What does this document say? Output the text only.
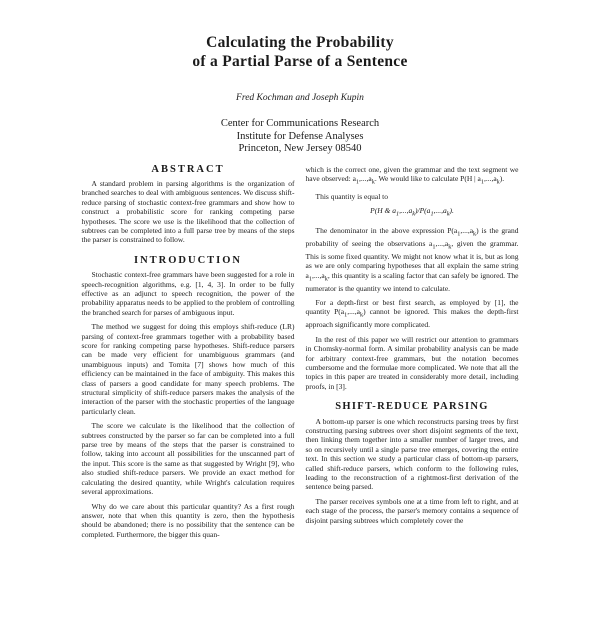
Calculating the Probability
of a Partial Parse of a Sentence
Fred Kochman and Joseph Kupin
Center for Communications Research
Institute for Defense Analyses
Princeton, New Jersey 08540
ABSTRACT

A standard problem in parsing algorithms is the organization of branched searches to deal with ambiguous sentences. We discuss shift-reduce parsing of stochastic context-free grammars and show how to construct a probabilistic score for ranking competing parse hypotheses. The score we use is the likelihood that the collection of subtrees can be completed into a full parse tree by means of the steps the parser is constrained to follow.

INTRODUCTION

Stochastic context-free grammars have been suggested for a role in speech-recognition algorithms, e.g. [1, 4, 3]. In order to be fully effective as an adjunct to speech recognition, the power of the probability apparatus needs to be applied to the problem of controlling the branched search for parses of ambiguous input.

The method we suggest for doing this employs shift-reduce (LR) parsing of context-free grammars together with a probability based score for ranking competing parse hypotheses. Shift-reduce parsers can be made very efficient for unambiguous grammars (and unambiguous inputs) and Tomita [7] shows how much of this efficiency can be maintained in the face of ambiguity. This makes this class of parsers a good candidate for many speech problems. The structural simplicity of shift-reduce parsers makes the analysis of the interaction of the parser with the stochastic properties of the language particularly clean.

The score we calculate is the likelihood that the collection of subtrees constructed by the parser so far can be completed into a full parse tree by means of the steps that the parser is constrained to follow, taking into account all possibilities for the unscanned part of the input. This score is the same as that suggested by Wright [9], who also studied shift-reduce parsers. We provide an exact method for calculating the desired quantity, while Wright's calculation requires several approximations.

Why do we care about this particular quantity? As a first rough answer, note that when this quantity is zero, then the hypothesis should be abandoned; there is no possibility that the sentence can be completed. Furthermore, the bigger this quan-

which is the correct one, given the grammar and the text segment we have observed: $a_1,...,a_k$. We would like to calculate P(H | $a_1,...,a_k$).

This quantity is equal to

P(H & $a_1,...,a_k)/P(a_1,...,a_k)$.

The denominator in the above expression $P(a_1,...,a_k)$ is the grand probability of seeing the observations $a_1,...,a_k$, given the grammar. This is some fixed quantity. We might not know what it is, but as long as we are only comparing hypotheses that all explain the same string $a_1,...,a_k$, this quantity is a scaling factor that can safely be ignored. The numerator is the quantity we intend to calculate.

For a depth-first or best first search, as employed by [1], the quantity $P(a_1,...,a_k)$ cannot be ignored. This makes the depth-first approach significantly more complicated.

In the rest of this paper we will restrict our attention to grammars in Chomsky-normal form. A similar probability analysis can be made for arbitrary context-free grammars, but the notation becomes cumbersome and the formulae more complicated. We note that all the topics in this paper are treated in considerably more detail, including proofs, in [3].

SHIFT-REDUCE PARSING

A bottom-up parser is one which reconstructs parsing trees by first constructing parsing subtrees over short disjoint segments of the text, then linking them together into a smaller number of larger trees, and so on recursively until a single parse tree emerges, covering the entire text. In this section we study a particular class of bottom-up parsers, called shift-reduce parsers, which conform to the following rules, leading to the reconstruction of a rightmost-first derivation of the sentence being parsed.

The parser receives symbols one at a time from left to right, and at each stage of the process, the parser's memory contains a sequence of disjoint parsing subtrees which completely cover the
